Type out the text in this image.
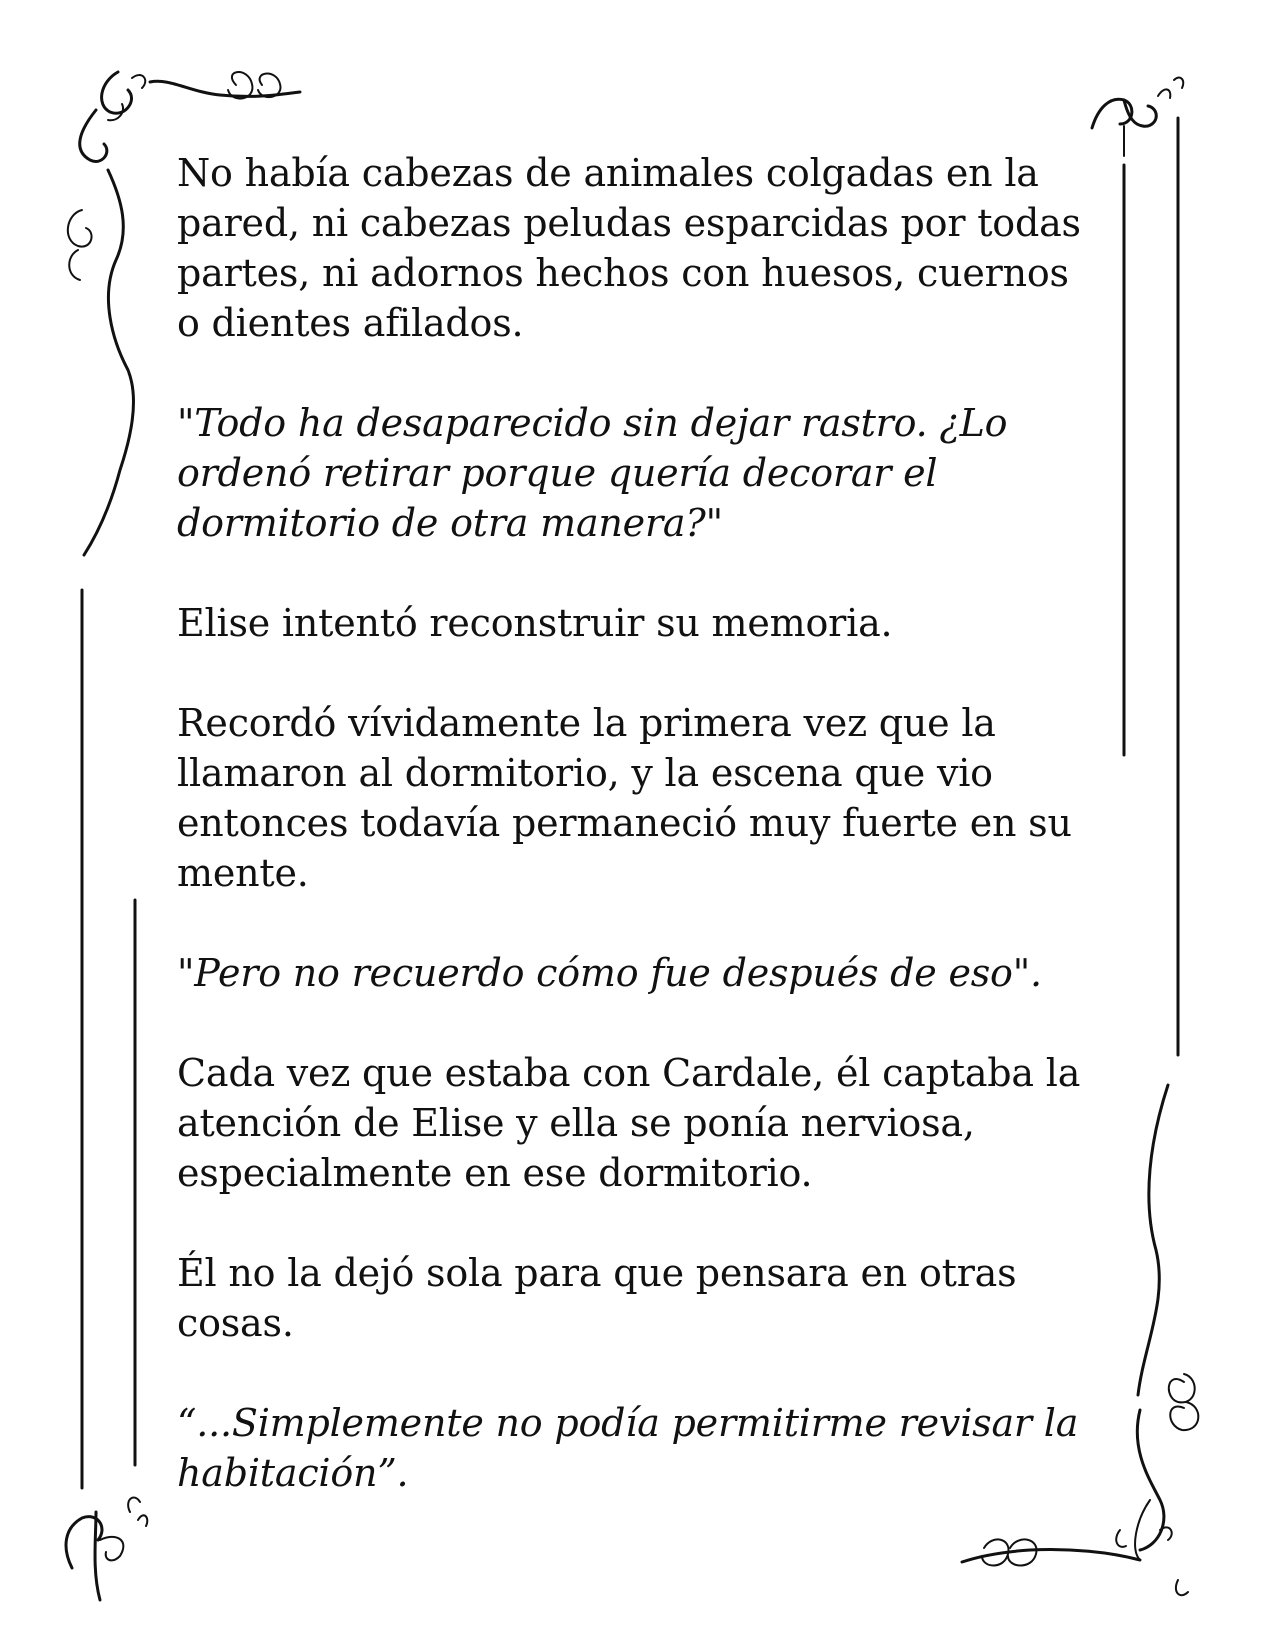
No había cabezas de animales colgadas en la pared, ni cabezas peludas esparcidas por todas partes, ni adornos hechos con huesos, cuernos o dientes afilados.

"Todo ha desaparecido sin dejar rastro. ¿Lo ordenó retirar porque quería decorar el dormitorio de otra manera?"

Elise intentó reconstruir su memoria.

Recordó vívidamente la primera vez que la llamaron al dormitorio, y la escena que vio entonces todavía permaneció muy fuerte en su mente.

"Pero no recuerdo cómo fue después de eso".

Cada vez que estaba con Cardale, él captaba la atención de Elise y ella se ponía nerviosa, especialmente en ese dormitorio.

Él no la dejó sola para que pensara en otras cosas.

“...Simplemente no podía permitirme revisar la habitación”.
